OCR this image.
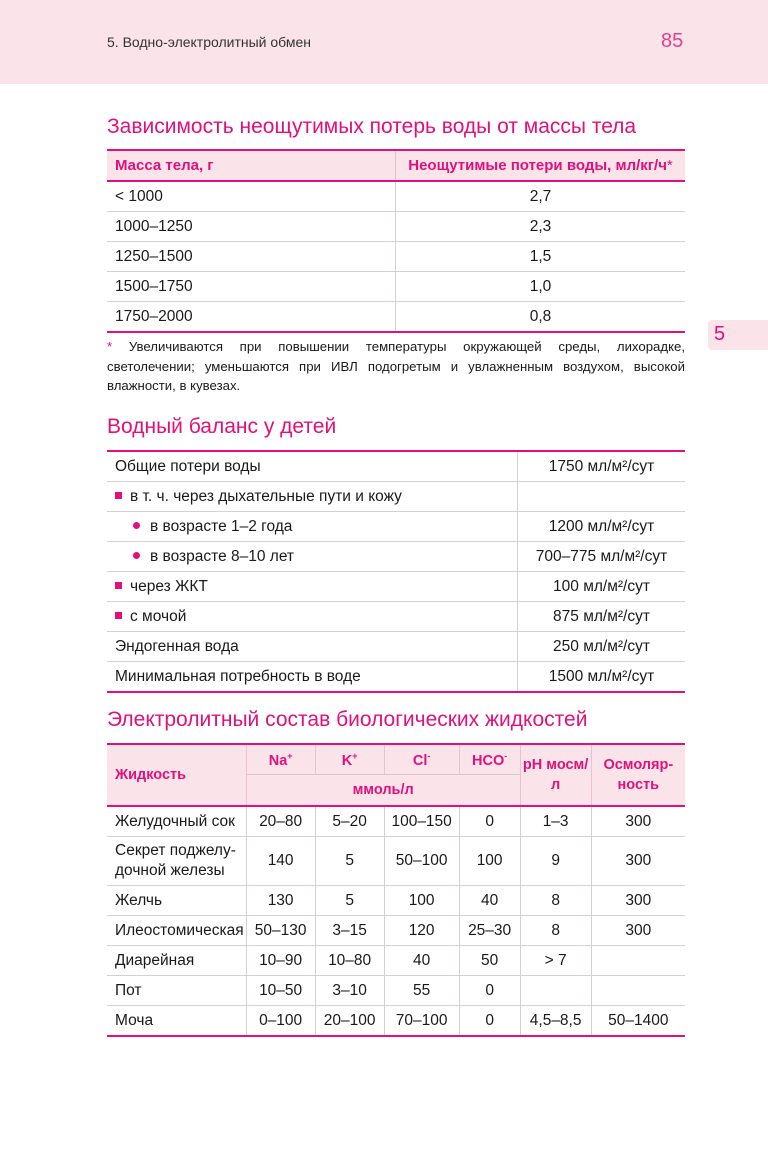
5. Водно-электролитный обмен	85
5
Зависимость неощутимых потерь воды от массы тела
Масса тела, г	Неощутимые потери воды, мл/кг/ч*
< 1000	2,7
1000–1250	2,3
1250–1500	1,5
1500–1750	1,0
1750–2000	0,8
* Увеличиваются при повышении температуры окружающей среды, лихорадке, светолечении; уменьшаются при ИВЛ подогретым и увлажненным воздухом, высокой влажности, в кувезах.
Водный баланс у детей
Общие потери воды	1750 мл/м²/сут
в т. ч. через дыхательные пути и кожу	
в возрасте 1–2 года	1200 мл/м²/сут
в возрасте 8–10 лет	700–775 мл/м²/сут
через ЖКТ	100 мл/м²/сут
с мочой	875 мл/м²/сут
Эндогенная вода	250 мл/м²/сут
Минимальная потребность в воде	1500 мл/м²/сут
Электролитный состав биологических жидкостей
Жидкость	Na+	K+	Cl-	HCO-	pH мосм/л	Осмоляр-ность
	ммоль/л					
Желудочный сок	20–80	5–20	100–150	0	1–3	300
Секрет поджелу-дочной железы	140	5	50–100	100	9	300
Желчь	130	5	100	40	8	300
Илеостомическая	50–130	3–15	120	25–30	8	300
Диарейная	10–90	10–80	40	50	> 7	
Пот	10–50	3–10	55	0		
Моча	0–100	20–100	70–100	0	4,5–8,5	50–1400
